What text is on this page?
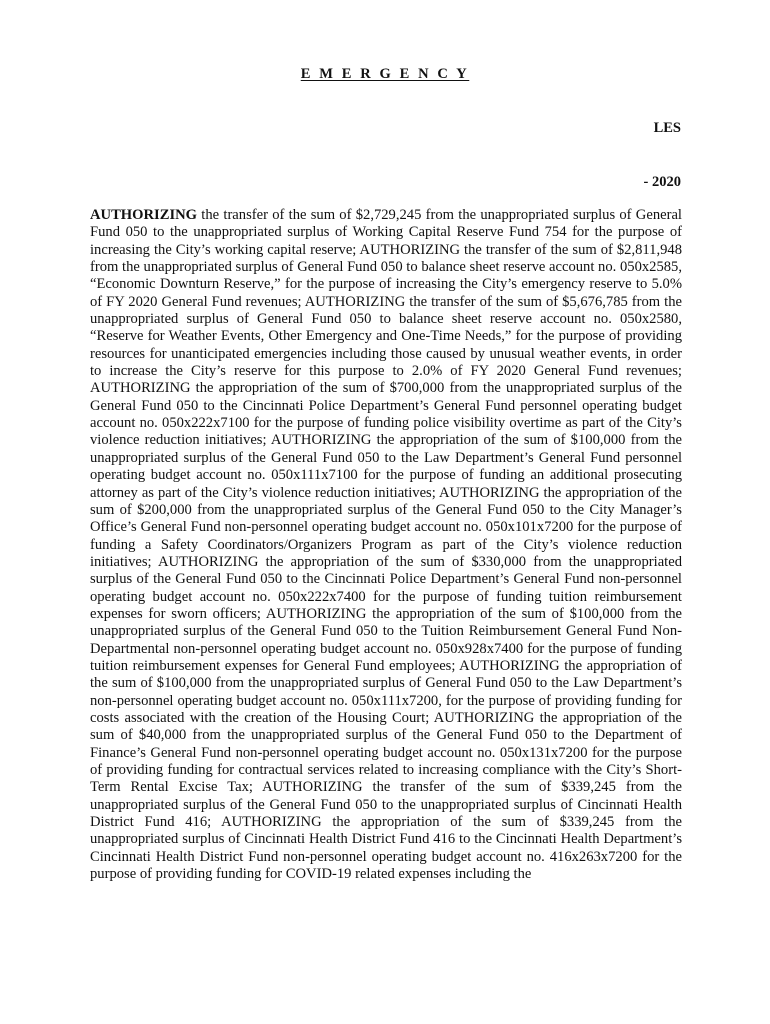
E M E R G E N C Y
LES
- 2020

AUTHORIZING the transfer of the sum of $2,729,245 from the unappropriated surplus of General Fund 050 to the unappropriated surplus of Working Capital Reserve Fund 754 for the purpose of increasing the City’s working capital reserve; AUTHORIZING the transfer of the sum of $2,811,948 from the unappropriated surplus of General Fund 050 to balance sheet reserve account no. 050x2585, “Economic Downturn Reserve,” for the purpose of increasing the City’s emergency reserve to 5.0% of FY 2020 General Fund revenues; AUTHORIZING the transfer of the sum of $5,676,785 from the unappropriated surplus of General Fund 050 to balance sheet reserve account no. 050x2580, “Reserve for Weather Events, Other Emergency and One-Time Needs,” for the purpose of providing resources for unanticipated emergencies including those caused by unusual weather events, in order to increase the City’s reserve for this purpose to 2.0% of FY 2020 General Fund revenues; AUTHORIZING the appropriation of the sum of $700,000 from the unappropriated surplus of the General Fund 050 to the Cincinnati Police Department’s General Fund personnel operating budget account no. 050x222x7100 for the purpose of funding police visibility overtime as part of the City’s violence reduction initiatives; AUTHORIZING the appropriation of the sum of $100,000 from the unappropriated surplus of the General Fund 050 to the Law Department’s General Fund personnel operating budget account no. 050x111x7100 for the purpose of funding an additional prosecuting attorney as part of the City’s violence reduction initiatives; AUTHORIZING the appropriation of the sum of $200,000 from the unappropriated surplus of the General Fund 050 to the City Manager’s Office’s General Fund non-personnel operating budget account no. 050x101x7200 for the purpose of funding a Safety Coordinators/Organizers Program as part of the City’s violence reduction initiatives; AUTHORIZING the appropriation of the sum of $330,000 from the unappropriated surplus of the General Fund 050 to the Cincinnati Police Department’s General Fund non-personnel operating budget account no. 050x222x7400 for the purpose of funding tuition reimbursement expenses for sworn officers; AUTHORIZING the appropriation of the sum of $100,000 from the unappropriated surplus of the General Fund 050 to the Tuition Reimbursement General Fund Non-Departmental non-personnel operating budget account no. 050x928x7400 for the purpose of funding tuition reimbursement expenses for General Fund employees; AUTHORIZING the appropriation of the sum of $100,000 from the unappropriated surplus of General Fund 050 to the Law Department’s non-personnel operating budget account no. 050x111x7200, for the purpose of providing funding for costs associated with the creation of the Housing Court; AUTHORIZING the appropriation of the sum of $40,000 from the unappropriated surplus of the General Fund 050 to the Department of Finance’s General Fund non-personnel operating budget account no. 050x131x7200 for the purpose of providing funding for contractual services related to increasing compliance with the City’s Short-Term Rental Excise Tax; AUTHORIZING the transfer of the sum of $339,245 from the unappropriated surplus of the General Fund 050 to the unappropriated surplus of Cincinnati Health District Fund 416; AUTHORIZING the appropriation of the sum of $339,245 from the unappropriated surplus of Cincinnati Health District Fund 416 to the Cincinnati Health Department’s Cincinnati Health District Fund non-personnel operating budget account no. 416x263x7200 for the purpose of providing funding for COVID-19 related expenses including the
